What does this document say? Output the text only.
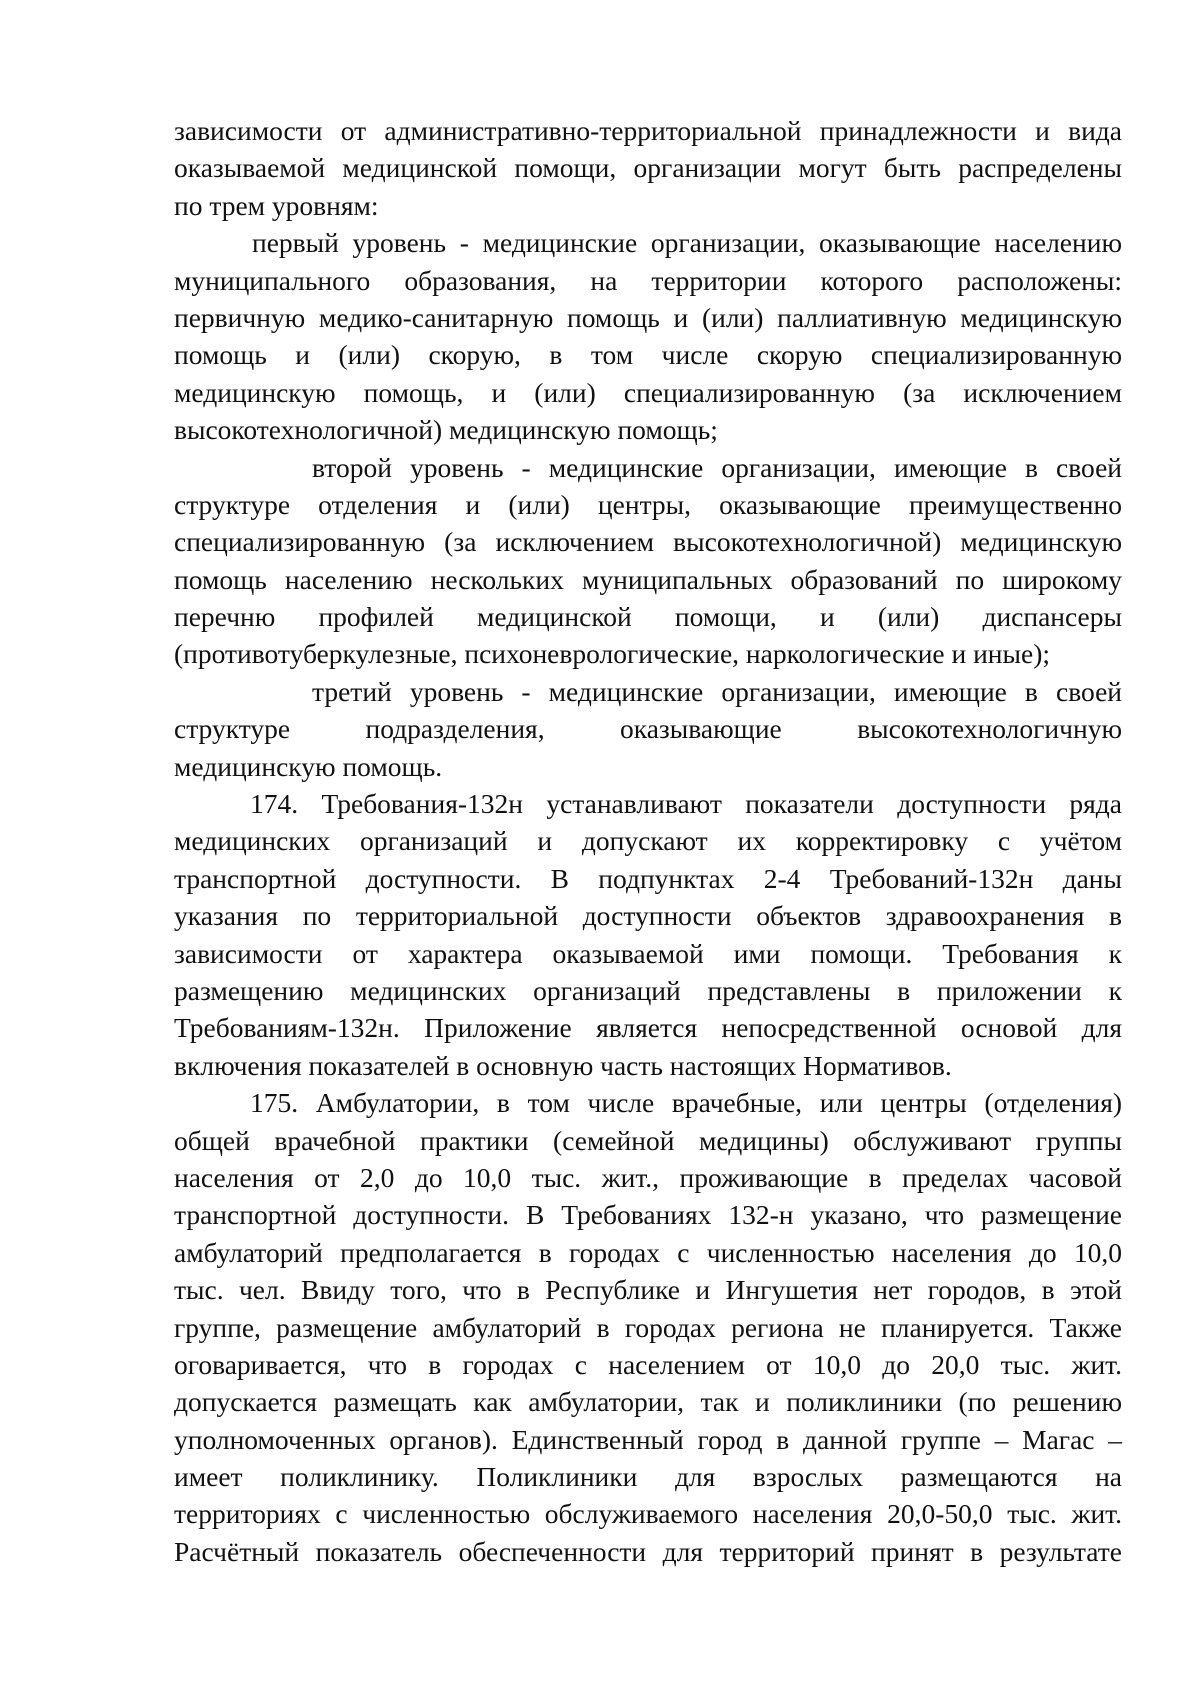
зависимости от административно-территориальной принадлежности и вида
оказываемой медицинской помощи, организации могут быть распределены
по трем уровням:
первый уровень - медицинские организации, оказывающие населению
муниципального образования, на территории которого расположены:
первичную медико-санитарную помощь и (или) паллиативную медицинскую
помощь и (или) скорую, в том числе скорую специализированную
медицинскую помощь, и (или) специализированную (за исключением
высокотехнологичной) медицинскую помощь;
второй уровень - медицинские организации, имеющие в своей
структуре отделения и (или) центры, оказывающие преимущественно
специализированную (за исключением высокотехнологичной) медицинскую
помощь населению нескольких муниципальных образований по широкому
перечню профилей медицинской помощи, и (или) диспансеры
(противотуберкулезные, психоневрологические, наркологические и иные);
третий уровень - медицинские организации, имеющие в своей
структуре подразделения, оказывающие высокотехнологичную
медицинскую помощь.
174. Требования-132н устанавливают показатели доступности ряда
медицинских организаций и допускают их корректировку с учётом
транспортной доступности. В подпунктах 2-4 Требований-132н даны
указания по территориальной доступности объектов здравоохранения в
зависимости от характера оказываемой ими помощи. Требования к
размещению медицинских организаций представлены в приложении к
Требованиям-132н. Приложение является непосредственной основой для
включения показателей в основную часть настоящих Нормативов.
175. Амбулатории, в том числе врачебные, или центры (отделения)
общей врачебной практики (семейной медицины) обслуживают группы
населения от 2,0 до 10,0 тыс. жит., проживающие в пределах часовой
транспортной доступности. В Требованиях 132-н указано, что размещение
амбулаторий предполагается в городах с численностью населения до 10,0
тыс. чел. Ввиду того, что в Республике и Ингушетия нет городов, в этой
группе, размещение амбулаторий в городах региона не планируется. Также
оговаривается, что в городах с населением от 10,0 до 20,0 тыс. жит.
допускается размещать как амбулатории, так и поликлиники (по решению
уполномоченных органов). Единственный город в данной группе – Магас –
имеет поликлинику. Поликлиники для взрослых размещаются на
территориях с численностью обслуживаемого населения 20,0-50,0 тыс. жит.
Расчётный показатель обеспеченности для территорий принят в результате
